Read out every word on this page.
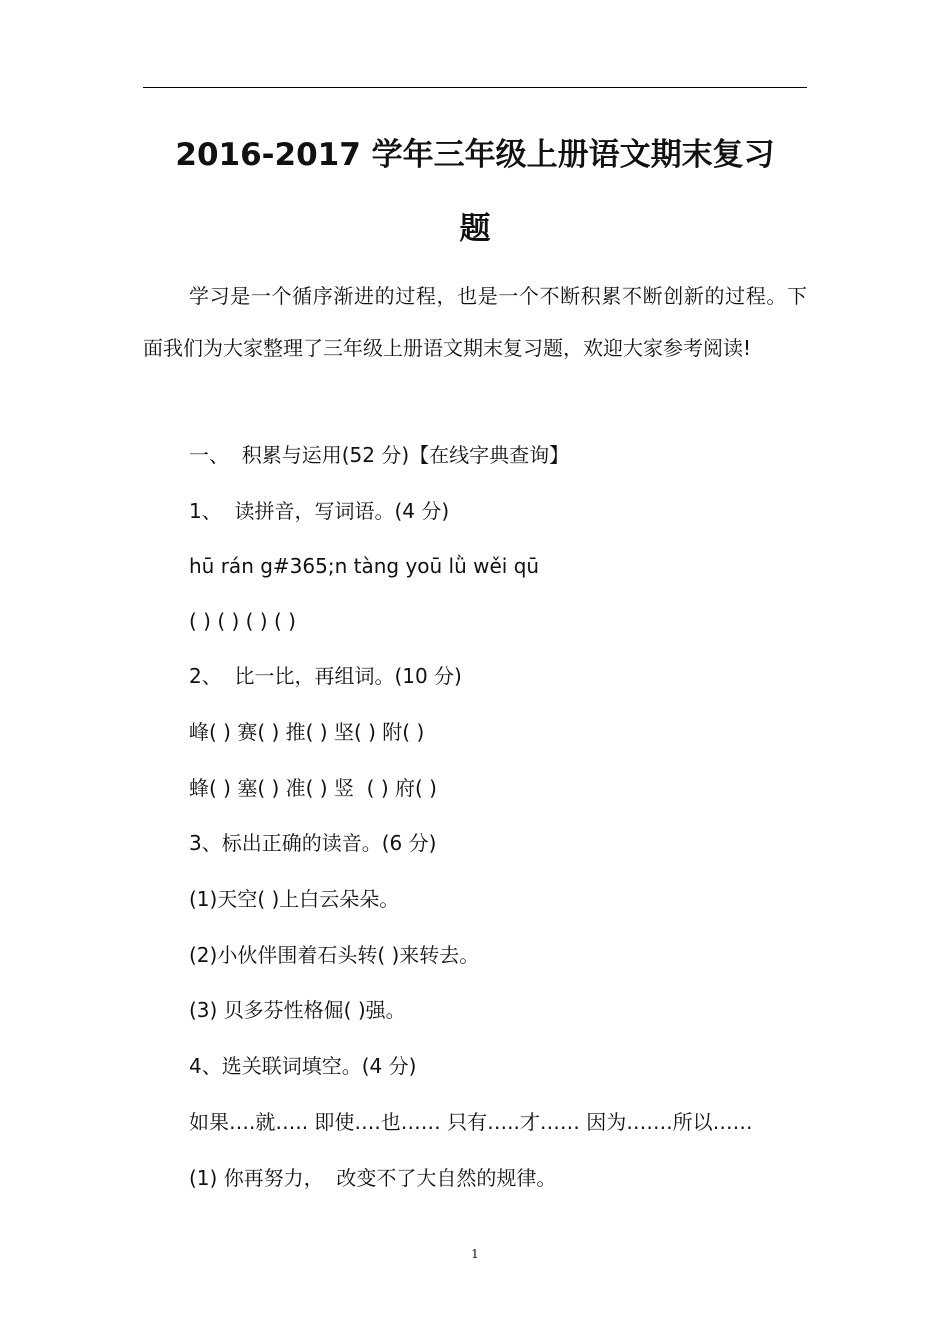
2016-2017 学年三年级上册语文期末复习
题
学习是一个循序渐进的过程，也是一个不断积累不断创新的过程。下面我们为大家整理了三年级上册语文期末复习题，欢迎大家参考阅读!
一、  积累与运用(52 分)【在线字典查询】
1、  读拼音，写词语。(4 分)
hū rán g#365;n tàng yoū lǜ wěi qū
( ) ( ) ( ) ( )
2、  比一比，再组词。(10 分)
峰( ) 赛( ) 推( ) 坚( ) 附( )
蜂( ) 塞( ) 准( ) 竖  ( ) 府( )
3、标出正确的读音。(6 分)
(1)天空( )上白云朵朵。
(2)小伙伴围着石头转( )来转去。
(3) 贝多芬性格倔( )强。
4、选关联词填空。(4 分)
如果….就….. 即使….也…… 只有…..才…… 因为…….所以……
(1) 你再努力，  改变不了大自然的规律。
1
